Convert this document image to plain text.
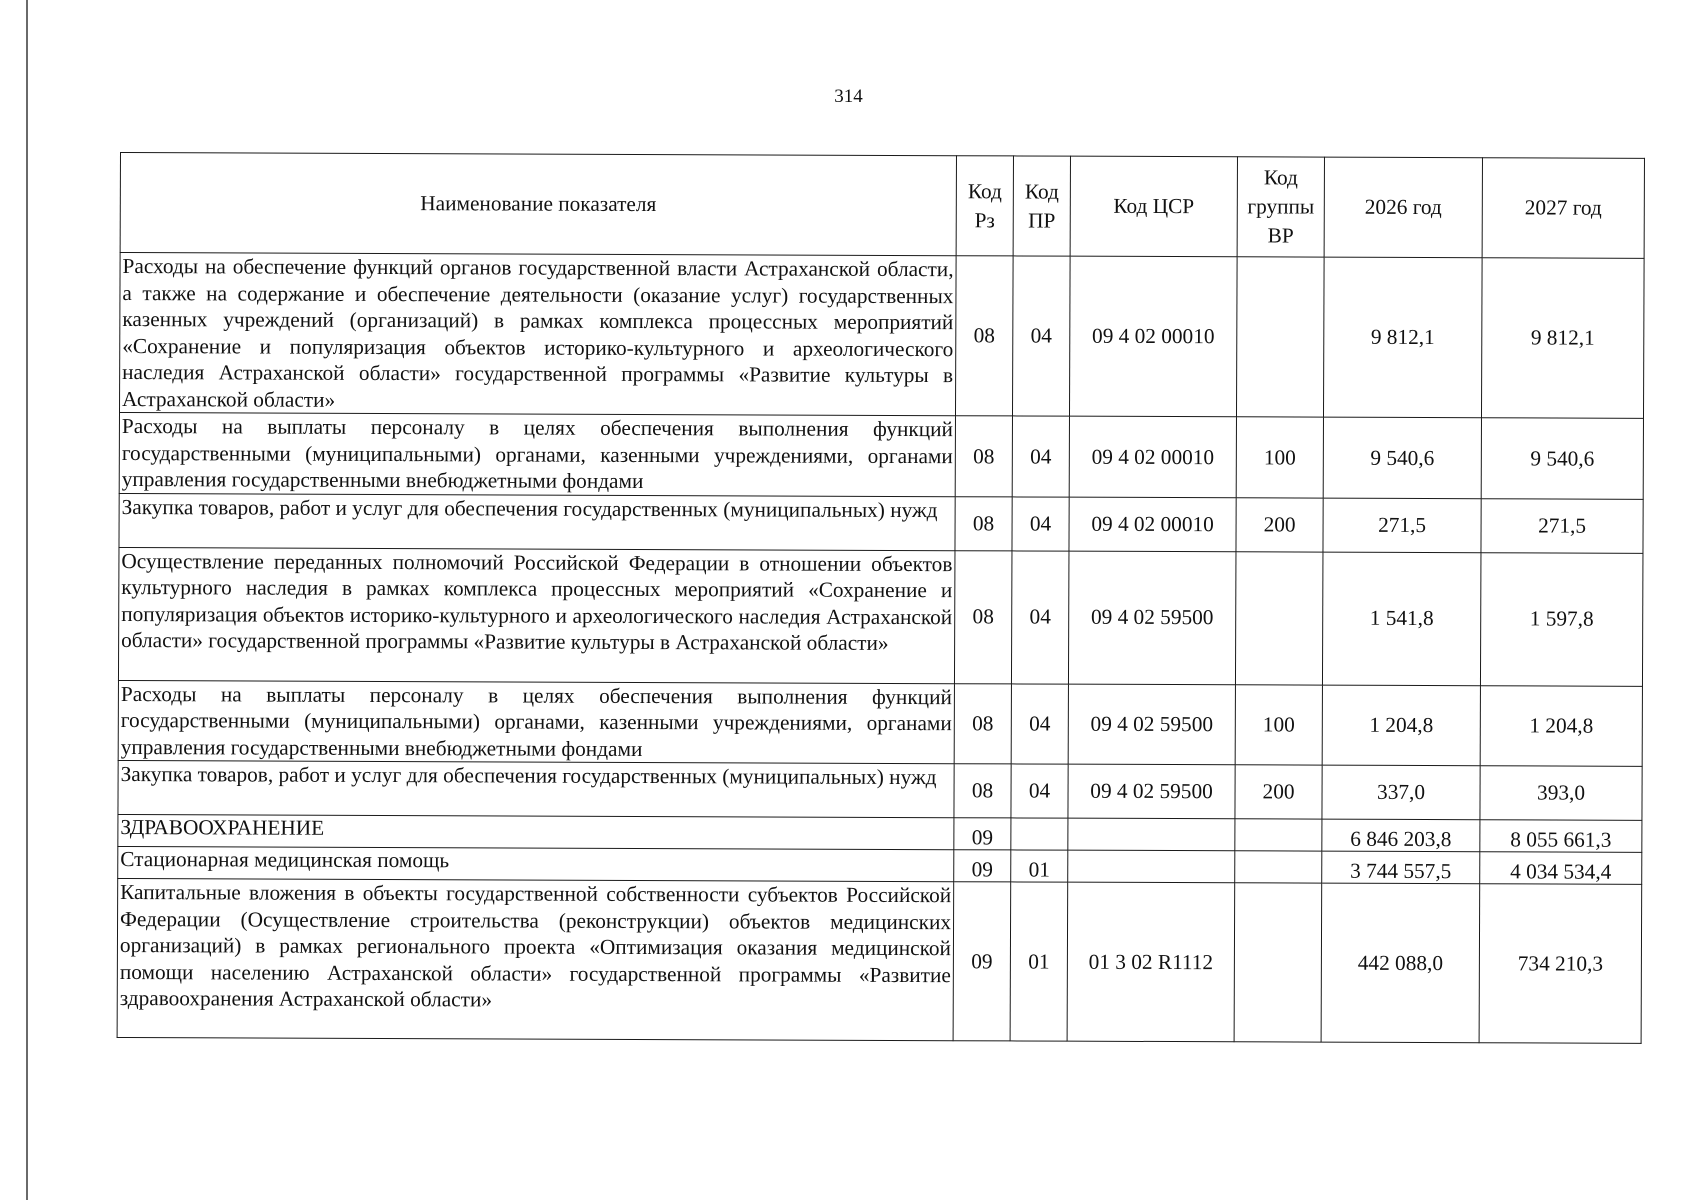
314
Наименование показателя	Код Рз	Код ПР	Код ЦСР	Код группы ВР	2026 год	2027 год
Расходы на обеспечение функций органов государственной власти Астраханской области, а также на содержание и обеспечение деятельности (оказание услуг) государственных казенных учреждений (организаций) в рамках комплекса процессных мероприятий «Сохранение и популяризация объектов историко-культурного и археологического наследия Астраханской области» государственной программы «Развитие культуры в Астраханской области»	08	04	09 4 02 00010		9 812,1	9 812,1
Расходы на выплаты персоналу в целях обеспечения выполнения функций государственными (муниципальными) органами, казенными учреждениями, органами управления государственными внебюджетными фондами	08	04	09 4 02 00010	100	9 540,6	9 540,6
Закупка товаров, работ и услуг для обеспечения государственных (муниципальных) нужд	08	04	09 4 02 00010	200	271,5	271,5
Осуществление переданных полномочий Российской Федерации в отношении объектов культурного наследия в рамках комплекса процессных мероприятий «Сохранение и популяризация объектов историко-культурного и археологического наследия Астраханской области» государственной программы «Развитие культуры в Астраханской области»	08	04	09 4 02 59500		1 541,8	1 597,8
Расходы на выплаты персоналу в целях обеспечения выполнения функций государственными (муниципальными) органами, казенными учреждениями, органами управления государственными внебюджетными фондами	08	04	09 4 02 59500	100	1 204,8	1 204,8
Закупка товаров, работ и услуг для обеспечения государственных (муниципальных) нужд	08	04	09 4 02 59500	200	337,0	393,0
ЗДРАВООХРАНЕНИЕ	09				6 846 203,8	8 055 661,3
Стационарная медицинская помощь	09	01			3 744 557,5	4 034 534,4
Капитальные вложения в объекты государственной собственности субъектов Российской Федерации (Осуществление строительства (реконструкции) объектов медицинских организаций) в рамках регионального проекта «Оптимизация оказания медицинской помощи населению Астраханской области» государственной программы «Развитие здравоохранения Астраханской области»	09	01	01 3 02 R1112		442 088,0	734 210,3
